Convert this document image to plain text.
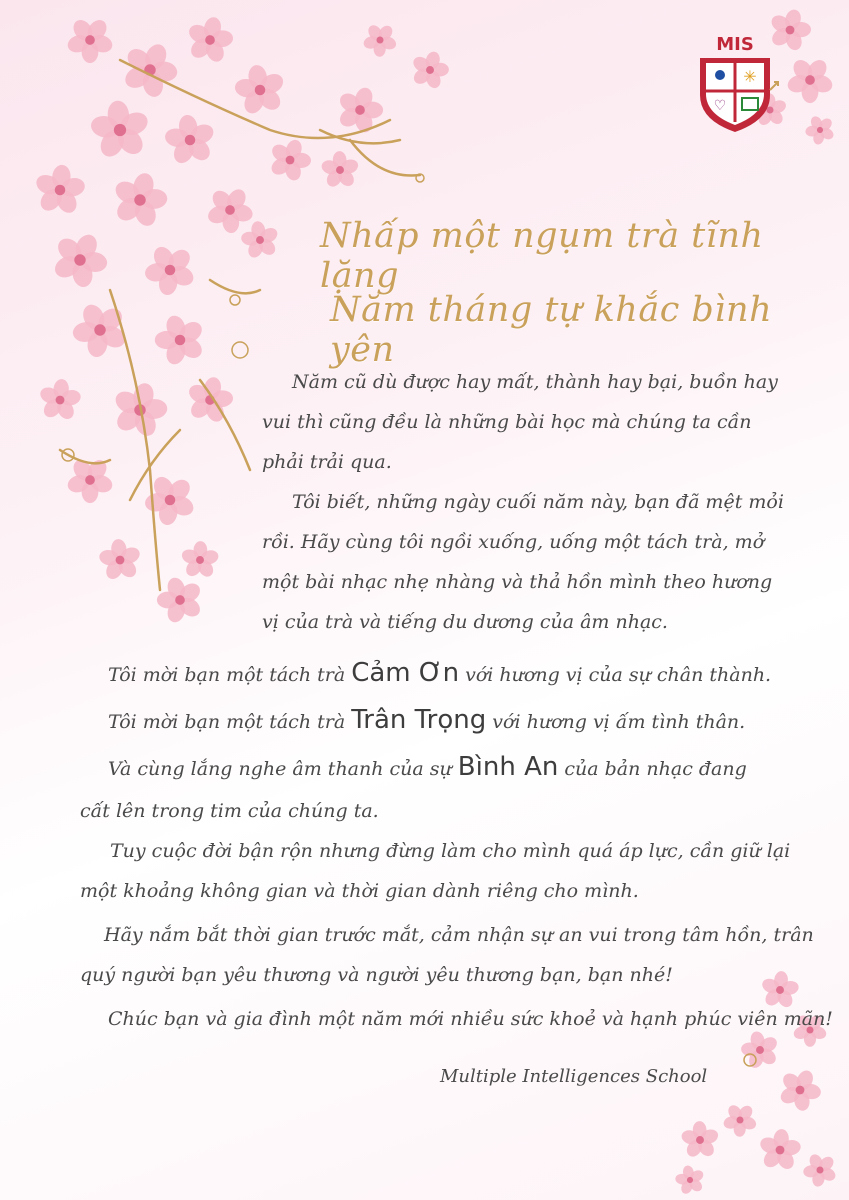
MIS
✳
♡
Nhấp một ngụm trà tĩnh lặng
Năm tháng tự khắc bình yên

Năm cũ dù được hay mất, thành hay bại, buồn hay vui thì cũng đều là những bài học mà chúng ta cần phải trải qua.

Tôi biết, những ngày cuối năm này, bạn đã mệt mỏi rồi. Hãy cùng tôi ngồi xuống, uống một tách trà, mở một bài nhạc nhẹ nhàng và thả hồn mình theo hương vị của trà và tiếng du dương của âm nhạc.

Tôi mời bạn một tách trà Cảm Ơn với hương vị của sự chân thành.
Tôi mời bạn một tách trà Trân Trọng với hương vị ấm tình thân.
Và cùng lắng nghe âm thanh của sự Bình An của bản nhạc đang
cất lên trong tim của chúng ta.
Tuy cuộc đời bận rộn nhưng đừng làm cho mình quá áp lực, cần giữ lại
một khoảng không gian và thời gian dành riêng cho mình.
Hãy nắm bắt thời gian trước mắt, cảm nhận sự an vui trong tâm hồn, trân
quý người bạn yêu thương và người yêu thương bạn, bạn nhé!
Chúc bạn và gia đình một năm mới nhiều sức khoẻ và hạnh phúc viên mãn!
Multiple Intelligences School
